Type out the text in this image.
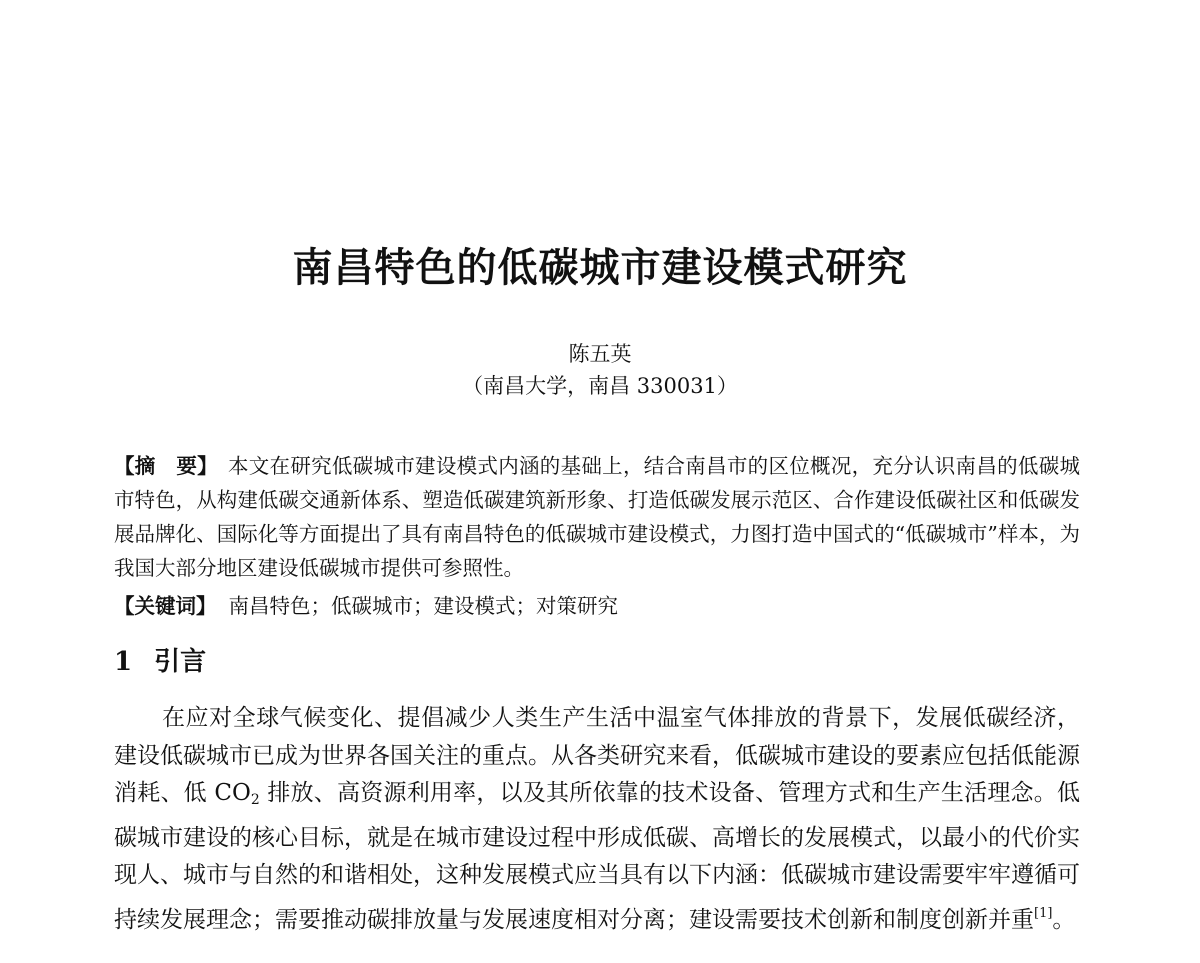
南昌特色的低碳城市建设模式研究
陈五英
（南昌大学，南昌 330031）
【摘　要】 本文在研究低碳城市建设模式内涵的基础上，结合南昌市的区位概况，充分认识南昌的低碳城市特色，从构建低碳交通新体系、塑造低碳建筑新形象、打造低碳发展示范区、合作建设低碳社区和低碳发展品牌化、国际化等方面提出了具有南昌特色的低碳城市建设模式，力图打造中国式的“低碳城市”样本，为我国大部分地区建设低碳城市提供可参照性。
【关键词】 南昌特色；低碳城市；建设模式；对策研究
1 引言

在应对全球气候变化、提倡减少人类生产生活中温室气体排放的背景下，发展低碳经济，建设低碳城市已成为世界各国关注的重点。从各类研究来看，低碳城市建设的要素应包括低能源消耗、低 $CO_2$ 排放、高资源利用率，以及其所依靠的技术设备、管理方式和生产生活理念。低碳城市建设的核心目标，就是在城市建设过程中形成低碳、高增长的发展模式，以最小的代价实现人、城市与自然的和谐相处，这种发展模式应当具有以下内涵：低碳城市建设需要牢牢遵循可持续发展理念；需要推动碳排放量与发展速度相对分离；建设需要技术创新和制度创新并重[1]。
